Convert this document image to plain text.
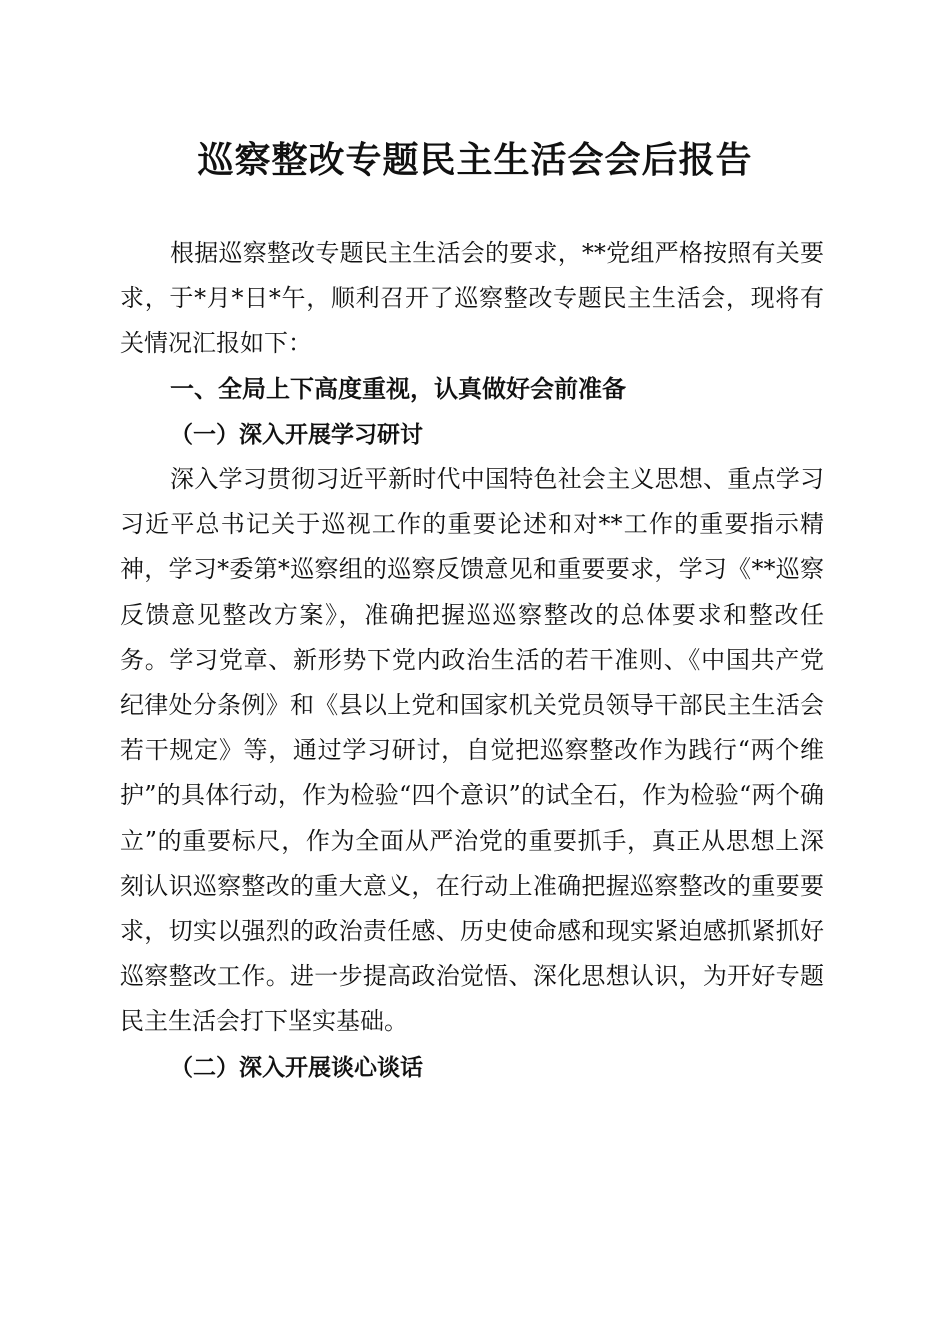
巡察整改专题民主生活会会后报告

根据巡察整改专题民主生活会的要求，**党组严格按照有关要求，于*月*日*午，顺利召开了巡察整改专题民主生活会，现将有关情况汇报如下：

一、全局上下高度重视，认真做好会前准备

（一）深入开展学习研讨

深入学习贯彻习近平新时代中国特色社会主义思想、重点学习习近平总书记关于巡视工作的重要论述和对**工作的重要指示精神，学习*委第*巡察组的巡察反馈意见和重要要求，学习《**巡察反馈意见整改方案》，准确把握巡巡察整改的总体要求和整改任务。学习党章、新形势下党内政治生活的若干准则、《中国共产党纪律处分条例》和《县以上党和国家机关党员领导干部民主生活会若干规定》等，通过学习研讨，自觉把巡察整改作为践行“两个维护”的具体行动，作为检验“四个意识”的试全石，作为检验“两个确立”的重要标尺，作为全面从严治党的重要抓手，真正从思想上深刻认识巡察整改的重大意义，在行动上准确把握巡察整改的重要要求，切实以强烈的政治责任感、历史使命感和现实紧迫感抓紧抓好巡察整改工作。进一步提高政治觉悟、深化思想认识，为开好专题民主生活会打下坚实基础。

（二）深入开展谈心谈话
